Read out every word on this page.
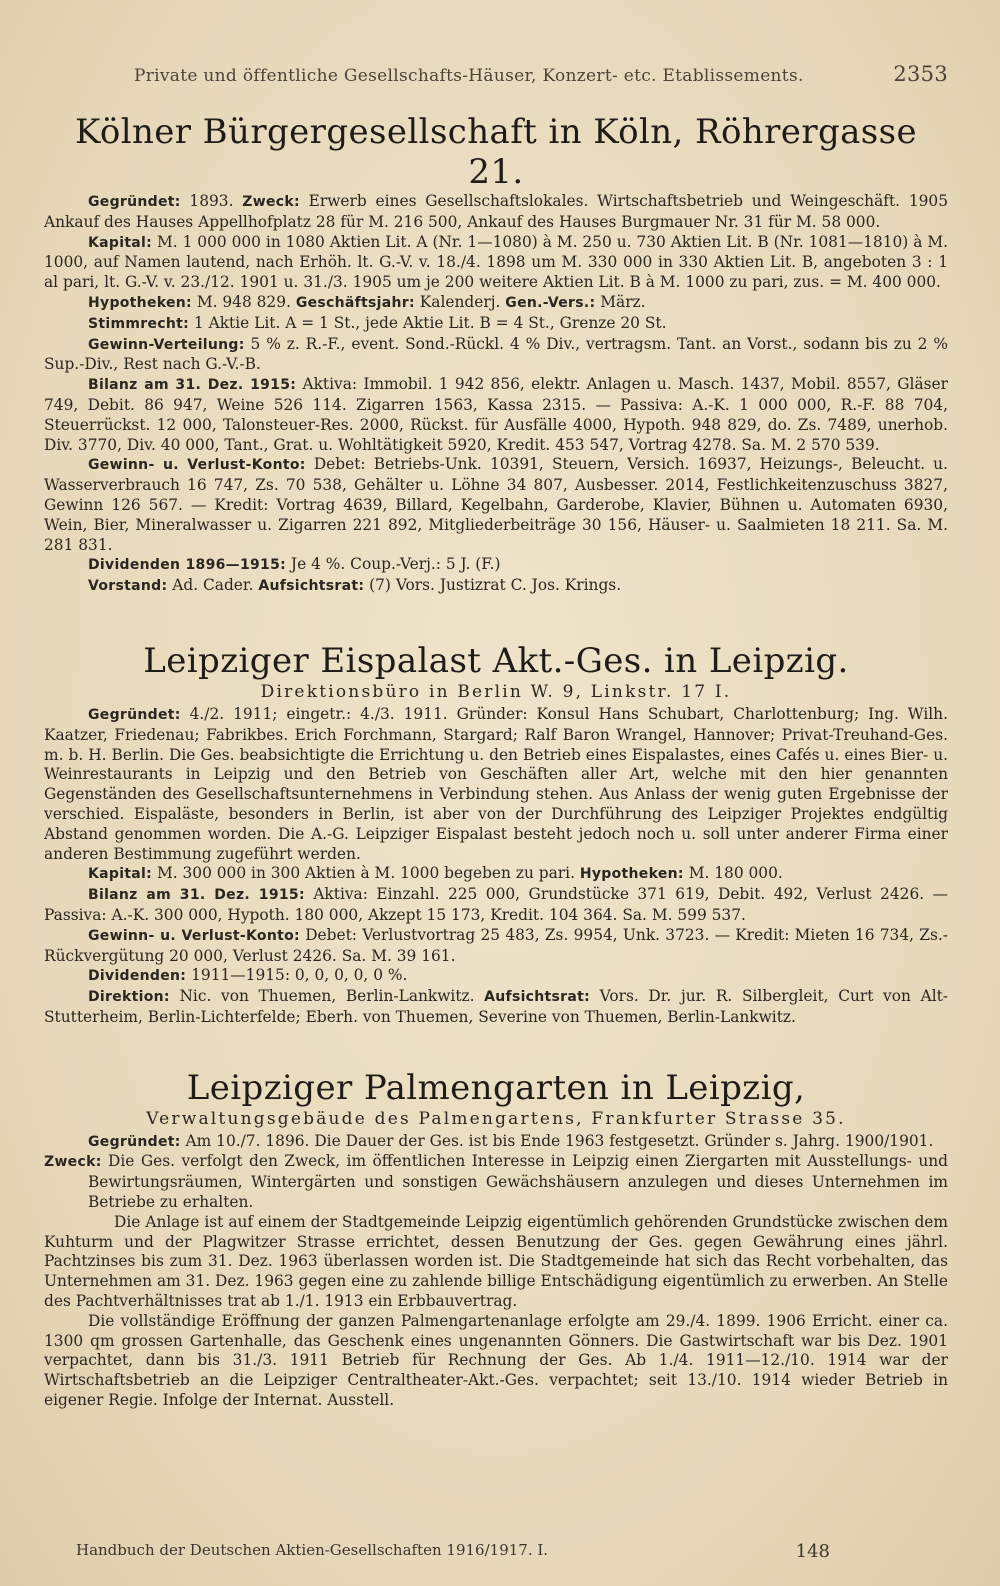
Private und öffentliche Gesellschafts-Häuser, Konzert- etc. Etablissements.	2353
Kölner Bürgergesellschaft in Köln, Röhrergasse 21.

Gegründet: 1893. Zweck: Erwerb eines Gesellschaftslokales. Wirtschaftsbetrieb und Weingeschäft. 1905 Ankauf des Hauses Appellhofplatz 28 für M. 216 500, Ankauf des Hauses Burgmauer Nr. 31 für M. 58 000.

Kapital: M. 1 000 000 in 1080 Aktien Lit. A (Nr. 1—1080) à M. 250 u. 730 Aktien Lit. B (Nr. 1081—1810) à M. 1000, auf Namen lautend, nach Erhöh. lt. G.-V. v. 18./4. 1898 um M. 330 000 in 330 Aktien Lit. B, angeboten 3 : 1 al pari, lt. G.-V. v. 23./12. 1901 u. 31./3. 1905 um je 200 weitere Aktien Lit. B à M. 1000 zu pari, zus. = M. 400 000.

Hypotheken: M. 948 829. Geschäftsjahr: Kalenderj. Gen.-Vers.: März.

Stimmrecht: 1 Aktie Lit. A = 1 St., jede Aktie Lit. B = 4 St., Grenze 20 St.

Gewinn-Verteilung: 5 % z. R.-F., event. Sond.-Rückl. 4 % Div., vertragsm. Tant. an Vorst., sodann bis zu 2 % Sup.-Div., Rest nach G.-V.-B.

Bilanz am 31. Dez. 1915: Aktiva: Immobil. 1 942 856, elektr. Anlagen u. Masch. 1437, Mobil. 8557, Gläser 749, Debit. 86 947, Weine 526 114. Zigarren 1563, Kassa 2315. — Passiva: A.-K. 1 000 000, R.-F. 88 704, Steuerrückst. 12 000, Talonsteuer-Res. 2000, Rückst. für Ausfälle 4000, Hypoth. 948 829, do. Zs. 7489, unerhob. Div. 3770, Div. 40 000, Tant., Grat. u. Wohltätigkeit 5920, Kredit. 453 547, Vortrag 4278. Sa. M. 2 570 539.

Gewinn- u. Verlust-Konto: Debet: Betriebs-Unk. 10391, Steuern, Versich. 16937, Heizungs-, Beleucht. u. Wasserverbrauch 16 747, Zs. 70 538, Gehälter u. Löhne 34 807, Ausbesser. 2014, Festlichkeitenzuschuss 3827, Gewinn 126 567. — Kredit: Vortrag 4639, Billard, Kegelbahn, Garderobe, Klavier, Bühnen u. Automaten 6930, Wein, Bier, Mineralwasser u. Zigarren 221 892, Mitgliederbeiträge 30 156, Häuser- u. Saalmieten 18 211. Sa. M. 281 831.

Dividenden 1896—1915: Je 4 %. Coup.-Verj.: 5 J. (F.)

Vorstand: Ad. Cader. Aufsichtsrat: (7) Vors. Justizrat C. Jos. Krings.

Leipziger Eispalast Akt.-Ges. in Leipzig.
Direktionsbüro in Berlin W. 9, Linkstr. 17 I.

Gegründet: 4./2. 1911; eingetr.: 4./3. 1911. Gründer: Konsul Hans Schubart, Charlottenburg; Ing. Wilh. Kaatzer, Friedenau; Fabrikbes. Erich Forchmann, Stargard; Ralf Baron Wrangel, Hannover; Privat-Treuhand-Ges. m. b. H. Berlin. Die Ges. beabsichtigte die Errichtung u. den Betrieb eines Eispalastes, eines Cafés u. eines Bier- u. Weinrestaurants in Leipzig und den Betrieb von Geschäften aller Art, welche mit den hier genannten Gegenständen des Gesellschaftsunternehmens in Verbindung stehen. Aus Anlass der wenig guten Ergebnisse der verschied. Eispaläste, besonders in Berlin, ist aber von der Durchführung des Leipziger Projektes endgültig Abstand genommen worden. Die A.-G. Leipziger Eispalast besteht jedoch noch u. soll unter anderer Firma einer anderen Bestimmung zugeführt werden.

Kapital: M. 300 000 in 300 Aktien à M. 1000 begeben zu pari. Hypotheken: M. 180 000.

Bilanz am 31. Dez. 1915: Aktiva: Einzahl. 225 000, Grundstücke 371 619, Debit. 492, Verlust 2426. — Passiva: A.-K. 300 000, Hypoth. 180 000, Akzept 15 173, Kredit. 104 364. Sa. M. 599 537.

Gewinn- u. Verlust-Konto: Debet: Verlustvortrag 25 483, Zs. 9954, Unk. 3723. — Kredit: Mieten 16 734, Zs.-Rückvergütung 20 000, Verlust 2426. Sa. M. 39 161.

Dividenden: 1911—1915: 0, 0, 0, 0, 0 %.

Direktion: Nic. von Thuemen, Berlin-Lankwitz. Aufsichtsrat: Vors. Dr. jur. R. Silbergleit, Curt von Alt-Stutterheim, Berlin-Lichterfelde; Eberh. von Thuemen, Severine von Thuemen, Berlin-Lankwitz.

Leipziger Palmengarten in Leipzig,
Verwaltungsgebäude des Palmengartens, Frankfurter Strasse 35.

Gegründet: Am 10./7. 1896. Die Dauer der Ges. ist bis Ende 1963 festgesetzt. Gründer s. Jahrg. 1900/1901.

Zweck: Die Ges. verfolgt den Zweck, im öffentlichen Interesse in Leipzig einen Ziergarten mit Ausstellungs- und Bewirtungsräumen, Wintergärten und sonstigen Gewächshäusern anzulegen und dieses Unternehmen im Betriebe zu erhalten.

Die Anlage ist auf einem der Stadtgemeinde Leipzig eigentümlich gehörenden Grundstücke zwischen dem Kuhturm und der Plagwitzer Strasse errichtet, dessen Benutzung der Ges. gegen Gewährung eines jährl. Pachtzinses bis zum 31. Dez. 1963 überlassen worden ist. Die Stadtgemeinde hat sich das Recht vorbehalten, das Unternehmen am 31. Dez. 1963 gegen eine zu zahlende billige Entschädigung eigentümlich zu erwerben. An Stelle des Pachtverhältnisses trat ab 1./1. 1913 ein Erbbauvertrag.

Die vollständige Eröffnung der ganzen Palmengartenanlage erfolgte am 29./4. 1899. 1906 Erricht. einer ca. 1300 qm grossen Gartenhalle, das Geschenk eines ungenannten Gönners. Die Gastwirtschaft war bis Dez. 1901 verpachtet, dann bis 31./3. 1911 Betrieb für Rechnung der Ges. Ab 1./4. 1911—12./10. 1914 war der Wirtschaftsbetrieb an die Leipziger Centraltheater-Akt.-Ges. verpachtet; seit 13./10. 1914 wieder Betrieb in eigener Regie. Infolge der Internat. Ausstell.

Handbuch der Deutschen Aktien-Gesellschaften 1916/1917. I.	148
